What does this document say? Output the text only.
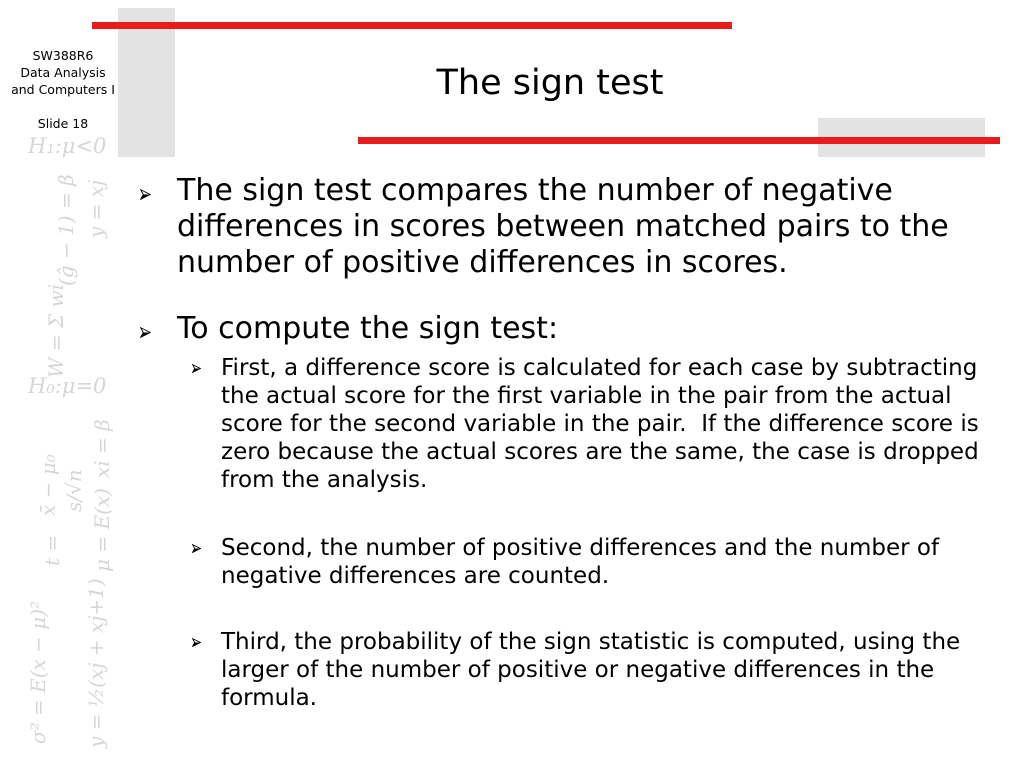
H₁:μ<0
H₀:μ=0
y = xj
(ĝ − 1) = β
W = Σ wi
x̄ − μ₀ s/√n
t =
xi = β
μ = E(x)
σ² = E(x − μ)² y = ½(xj + xj+1)
SW388R6
Data Analysis
and Computers I
Slide 18
The sign test

The sign test compares the number of negative differences in scores between matched pairs to the number of positive differences in scores.

To compute the sign test:

First, a difference score is calculated for each case by subtracting the actual score for the first variable in the pair from the actual score for the second variable in the pair.  If the difference score is zero because the actual scores are the same, the case is dropped from the analysis.

Second, the number of positive differences and the number of negative differences are counted.

Third, the probability of the sign statistic is computed, using the larger of the number of positive or negative differences in the formula.
